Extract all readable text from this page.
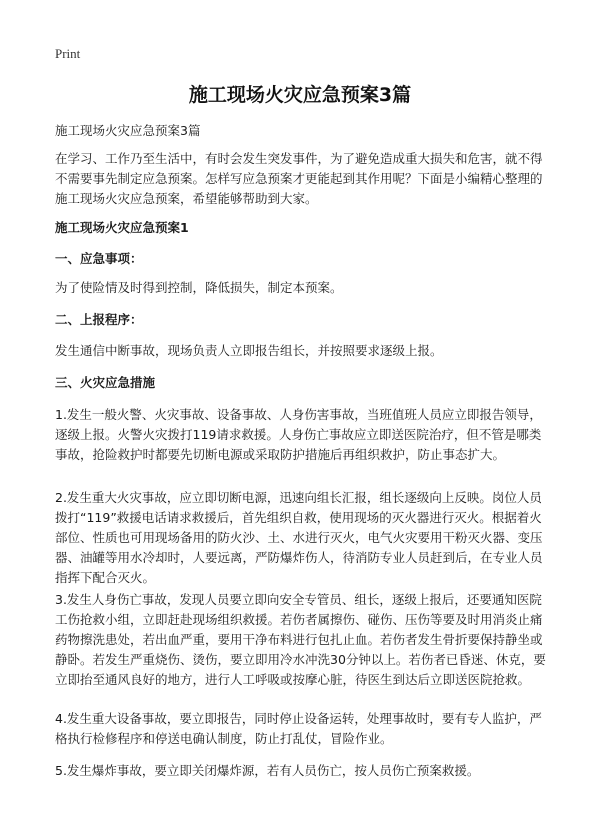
Print
施工现场火灾应急预案3篇

施工现场火灾应急预案3篇

在学习、工作乃至生活中，有时会发生突发事件，为了避免造成重大损失和危害，就不得不需要事先制定应急预案。怎样写应急预案才更能起到其作用呢？下面是小编精心整理的施工现场火灾应急预案，希望能够帮助到大家。

施工现场火灾应急预案1

一、应急事项：

为了使险情及时得到控制，降低损失，制定本预案。

二、上报程序：

发生通信中断事故，现场负责人立即报告组长，并按照要求逐级上报。

三、火灾应急措施

1.发生一般火警、火灾事故、设备事故、人身伤害事故，当班值班人员应立即报告领导，逐级上报。火警火灾拨打119请求救援。人身伤亡事故应立即送医院治疗，但不管是哪类事故，抢险救护时都要先切断电源或采取防护措施后再组织救护，防止事态扩大。

2.发生重大火灾事故，应立即切断电源，迅速向组长汇报，组长逐级向上反映。岗位人员拨打“119”救援电话请求救援后，首先组织自救，使用现场的灭火器进行灭火。根据着火部位、性质也可用现场备用的防火沙、土、水进行灭火，电气火灾要用干粉灭火器、变压器、油罐等用水冷却时，人要远离，严防爆炸伤人，待消防专业人员赶到后，在专业人员指挥下配合灭火。

3.发生人身伤亡事故，发现人员要立即向安全专管员、组长，逐级上报后，还要通知医院工伤抢救小组，立即赶赴现场组织救援。若伤者属擦伤、碰伤、压伤等要及时用消炎止痛药物擦洗患处，若出血严重，要用干净布料进行包扎止血。若伤者发生骨折要保持静坐或静卧。若发生严重烧伤、烫伤，要立即用冷水冲洗30分钟以上。若伤者已昏迷、休克，要立即抬至通风良好的地方，进行人工呼吸或按摩心脏，待医生到达后立即送医院抢救。

4.发生重大设备事故，要立即报告，同时停止设备运转，处理事故时，要有专人监护，严格执行检修程序和停送电确认制度，防止打乱仗，冒险作业。

5.发生爆炸事故，要立即关闭爆炸源，若有人员伤亡，按人员伤亡预案救援。
